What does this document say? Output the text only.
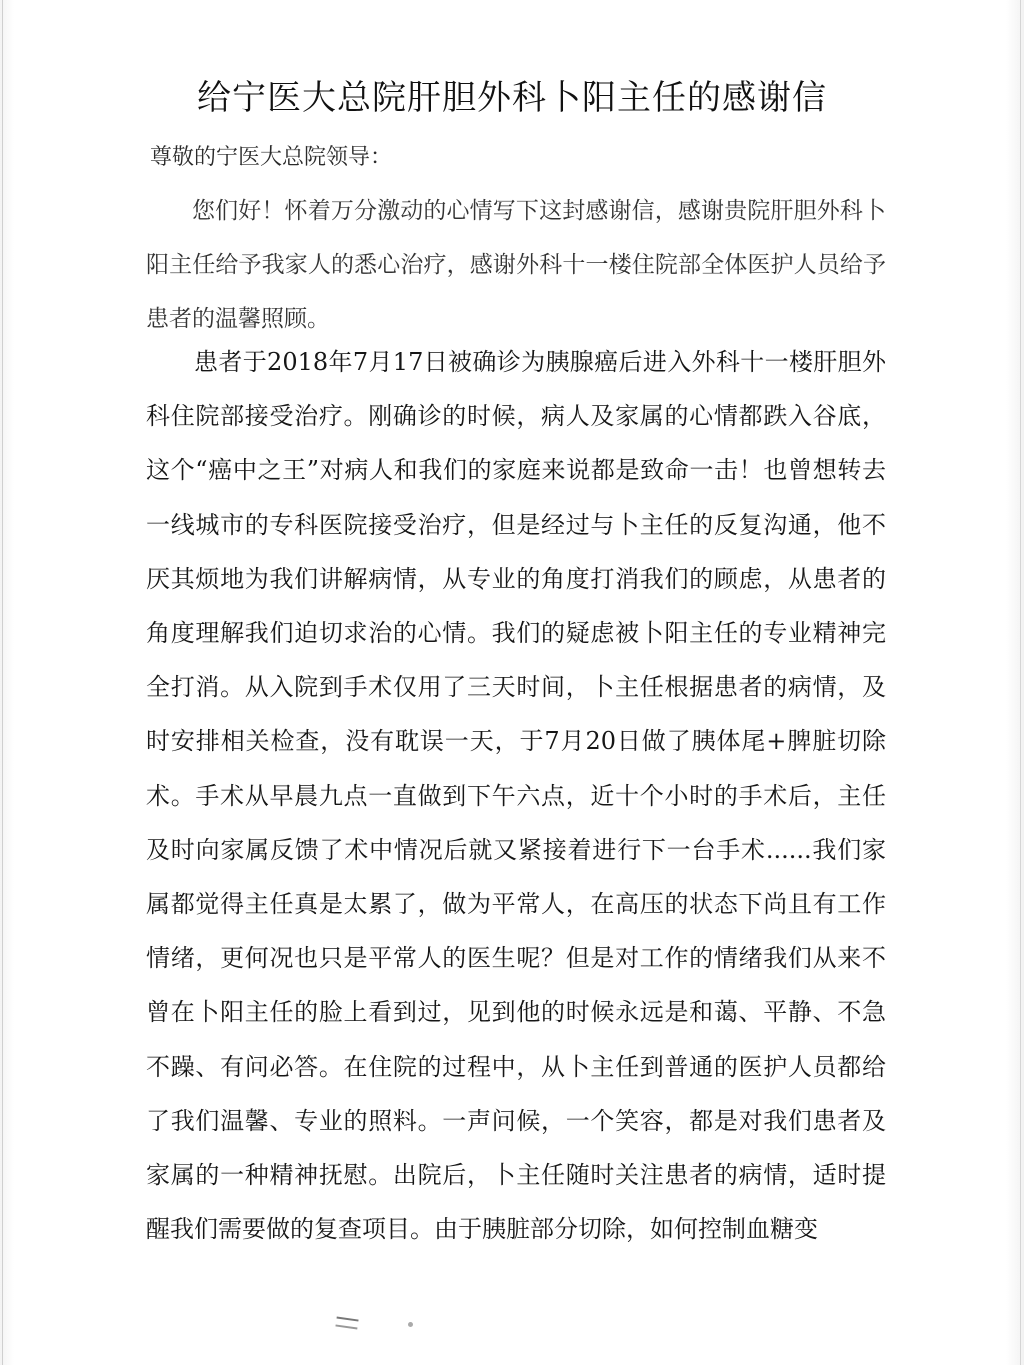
给宁医大总院肝胆外科卜阳主任的感谢信
尊敬的宁医大总院领导：
您们好！怀着万分激动的心情写下这封感谢信，感谢贵院肝胆外科卜阳主任给予我家人的悉心治疗，感谢外科十一楼住院部全体医护人员给予患者的温馨照顾。
患者于2018年7月17日被确诊为胰腺癌后进入外科十一楼肝胆外科住院部接受治疗。刚确诊的时候，病人及家属的心情都跌入谷底，这个“癌中之王”对病人和我们的家庭来说都是致命一击！也曾想转去一线城市的专科医院接受治疗，但是经过与卜主任的反复沟通，他不厌其烦地为我们讲解病情，从专业的角度打消我们的顾虑，从患者的角度理解我们迫切求治的心情。我们的疑虑被卜阳主任的专业精神完全打消。从入院到手术仅用了三天时间，卜主任根据患者的病情，及时安排相关检查，没有耽误一天，于7月20日做了胰体尾+脾脏切除术。手术从早晨九点一直做到下午六点，近十个小时的手术后，主任及时向家属反馈了术中情况后就又紧接着进行下一台手术......我们家属都觉得主任真是太累了，做为平常人，在高压的状态下尚且有工作情绪，更何况也只是平常人的医生呢？但是对工作的情绪我们从来不曾在卜阳主任的脸上看到过，见到他的时候永远是和蔼、平静、不急不躁、有问必答。在住院的过程中，从卜主任到普通的医护人员都给了我们温馨、专业的照料。一声问候，一个笑容，都是对我们患者及家属的一种精神抚慰。出院后，卜主任随时关注患者的病情，适时提醒我们需要做的复查项目。由于胰脏部分切除，如何控制血糖变
